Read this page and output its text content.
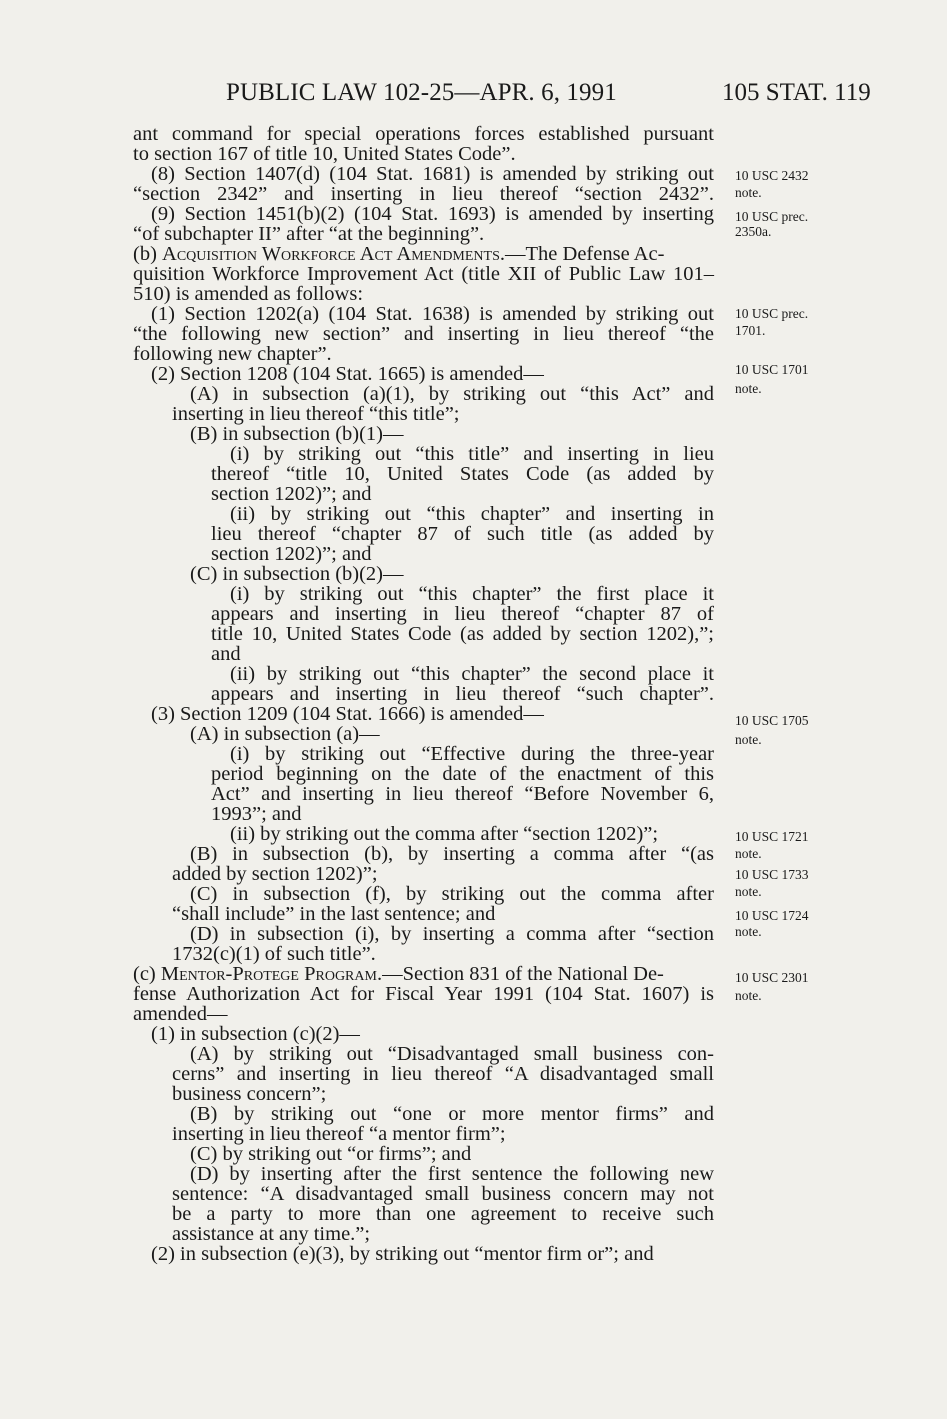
PUBLIC LAW 102-25—APR. 6, 1991	105 STAT. 119
ant command for special operations forces established pursuant
to section 167 of title 10, United States Code”.
(8) Section 1407(d) (104 Stat. 1681) is amended by striking out
“section 2342” and inserting in lieu thereof “section 2432”.
(9) Section 1451(b)(2) (104 Stat. 1693) is amended by inserting
“of subchapter II” after “at the beginning”.
(b) Acquisition Workforce Act Amendments .—The Defense Ac-
quisition Workforce Improvement Act (title XII of Public Law 101–
510) is amended as follows:
(1) Section 1202(a) (104 Stat. 1638) is amended by striking out
“the following new section” and inserting in lieu thereof “the
following new chapter”.
(2) Section 1208 (104 Stat. 1665) is amended—
(A) in subsection (a)(1), by striking out “this Act” and
inserting in lieu thereof “this title”;
(B) in subsection (b)(1)—
(i) by striking out “this title” and inserting in lieu
thereof “title 10, United States Code (as added by
section 1202)”; and
(ii) by striking out “this chapter” and inserting in
lieu thereof “chapter 87 of such title (as added by
section 1202)”; and
(C) in subsection (b)(2)—
(i) by striking out “this chapter” the first place it
appears and inserting in lieu thereof “chapter 87 of
title 10, United States Code (as added by section 1202),”;
and
(ii) by striking out “this chapter” the second place it
appears and inserting in lieu thereof “such chapter”.
(3) Section 1209 (104 Stat. 1666) is amended—
(A) in subsection (a)—
(i) by striking out “Effective during the three-year
period beginning on the date of the enactment of this
Act” and inserting in lieu thereof “Before November 6,
1993”; and
(ii) by striking out the comma after “section 1202)”;
(B) in subsection (b), by inserting a comma after “(as
added by section 1202)”;
(C) in subsection (f), by striking out the comma after
“shall include” in the last sentence; and
(D) in subsection (i), by inserting a comma after “section
1732(c)(1) of such title”.
(c) Mentor-Protege Program .—Section 831 of the National De-
fense Authorization Act for Fiscal Year 1991 (104 Stat. 1607) is
amended—
(1) in subsection (c)(2)—
(A) by striking out “Disadvantaged small business con-
cerns” and inserting in lieu thereof “A disadvantaged small
business concern”;
(B) by striking out “one or more mentor firms” and
inserting in lieu thereof “a mentor firm”;
(C) by striking out “or firms”; and
(D) by inserting after the first sentence the following new
sentence: “A disadvantaged small business concern may not
be a party to more than one agreement to receive such
assistance at any time.”;
(2) in subsection (e)(3), by striking out “mentor firm or”; and
10 USC 2432
note.
10 USC prec.
2350a.
10 USC prec.
1701.
10 USC 1701
note.
10 USC 1705
note.
10 USC 1721
note.
10 USC 1733
note.
10 USC 1724
note.
10 USC 2301
note.
